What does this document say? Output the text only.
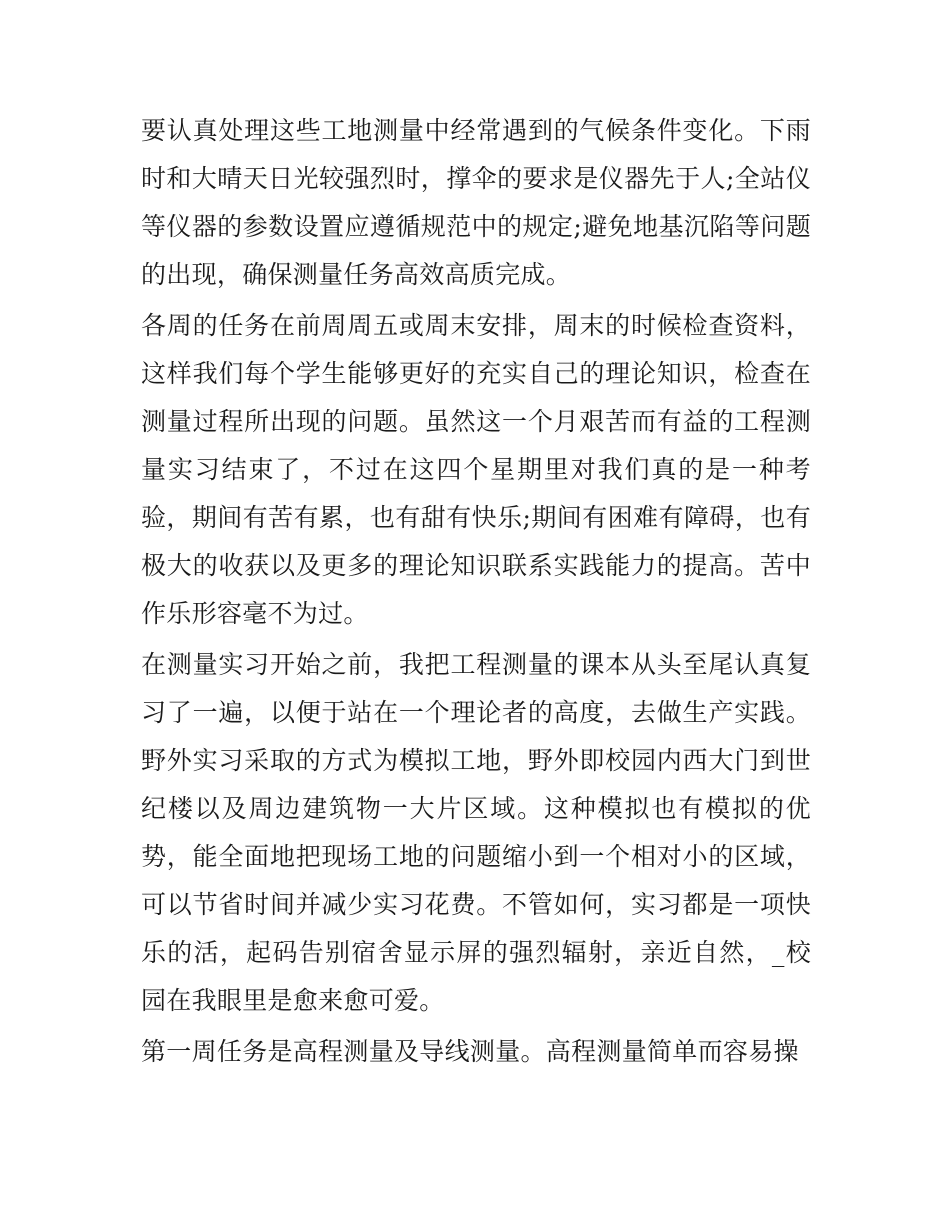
要认真处理这些工地测量中经常遇到的气候条件变化。下雨时和大晴天日光较强烈时，撑伞的要求是仪器先于人;全站仪等仪器的参数设置应遵循规范中的规定;避免地基沉陷等问题的出现，确保测量任务高效高质完成。

各周的任务在前周周五或周末安排，周末的时候检查资料，这样我们每个学生能够更好的充实自己的理论知识，检查在测量过程所出现的问题。虽然这一个月艰苦而有益的工程测量实习结束了，不过在这四个星期里对我们真的是一种考验，期间有苦有累，也有甜有快乐;期间有困难有障碍，也有极大的收获以及更多的理论知识联系实践能力的提高。苦中作乐形容毫不为过。

在测量实习开始之前，我把工程测量的课本从头至尾认真复习了一遍，以便于站在一个理论者的高度，去做生产实践。野外实习采取的方式为模拟工地，野外即校园内西大门到世纪楼以及周边建筑物一大片区域。这种模拟也有模拟的优势，能全面地把现场工地的问题缩小到一个相对小的区域，可以节省时间并减少实习花费。不管如何，实习都是一项快乐的活，起码告别宿舍显示屏的强烈辐射，亲近自然，_校园在我眼里是愈来愈可爱。

第一周任务是高程测量及导线测量。高程测量简单而容易操
